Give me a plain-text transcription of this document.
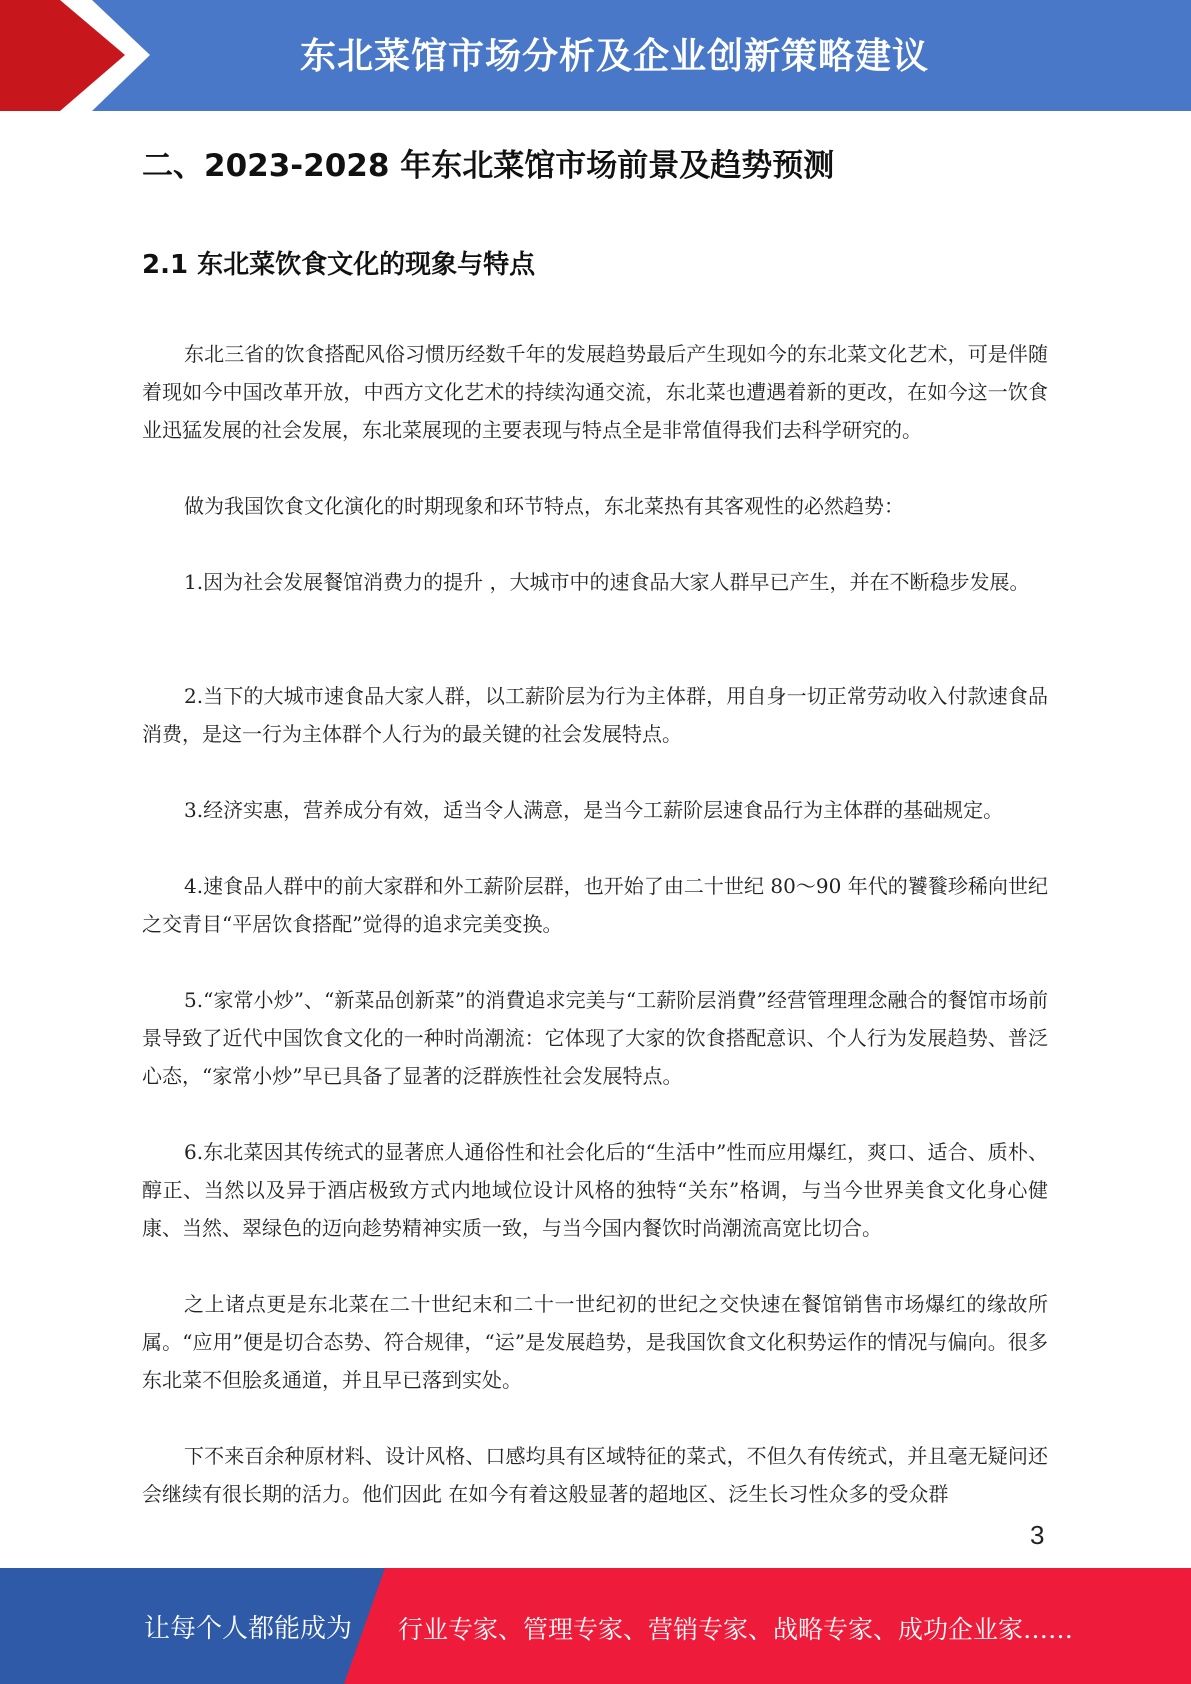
东北菜馆市场分析及企业创新策略建议
二、2023-2028 年东北菜馆市场前景及趋势预测
2.1 东北菜饮食文化的现象与特点

东北三省的饮食搭配风俗习惯历经数千年的发展趋势最后产生现如今的东北菜文化艺术，可是伴随着现如今中国改革开放，中西方文化艺术的持续沟通交流，东北菜也遭遇着新的更改，在如今这一饮食业迅猛发展的社会发展，东北菜展现的主要表现与特点全是非常值得我们去科学研究的。

做为我国饮食文化演化的时期现象和环节特点，东北菜热有其客观性的必然趋势：

1.因为社会发展餐馆消费力的提升 ，大城市中的速食品大家人群早已产生，并在不断稳步发展。

2.当下的大城市速食品大家人群，以工薪阶层为行为主体群，用自身一切正常劳动收入付款速食品消费，是这一行为主体群个人行为的最关键的社会发展特点。

3.经济实惠，营养成分有效，适当令人满意，是当今工薪阶层速食品行为主体群的基础规定。

4.速食品人群中的前大家群和外工薪阶层群，也开始了由二十世纪 80～90 年代的饕餮珍稀向世纪之交青目“平居饮食搭配”觉得的追求完美变换。

5.“家常小炒”、“新菜品创新菜”的消費追求完美与“工薪阶层消費”经营管理理念融合的餐馆市场前景导致了近代中国饮食文化的一种时尚潮流：它体现了大家的饮食搭配意识、个人行为发展趋势、普泛心态，“家常小炒”早已具备了显著的泛群族性社会发展特点。

6.东北菜因其传统式的显著庶人通俗性和社会化后的“生活中”性而应用爆红，爽口、适合、质朴、醇正、当然以及异于酒店极致方式内地域位设计风格的独特“关东”格调，与当今世界美食文化身心健康、当然、翠绿色的迈向趁势精神实质一致，与当今国内餐饮时尚潮流高宽比切合。

之上诸点更是东北菜在二十世纪末和二十一世纪初的世纪之交快速在餐馆销售市场爆红的缘故所属。“应用”便是切合态势、符合规律，“运”是发展趋势，是我国饮食文化积势运作的情况与偏向。很多东北菜不但脍炙通道，并且早已落到实处。

下不来百余种原材料、设计风格、口感均具有区域特征的菜式，不但久有传统式，并且毫无疑问还会继续有很长期的活力。他们因此 在如今有着这般显著的超地区、泛生长习性众多的受众群

3
让每个人都能成为 行业专家、管理专家、营销专家、战略专家、成功企业家……
